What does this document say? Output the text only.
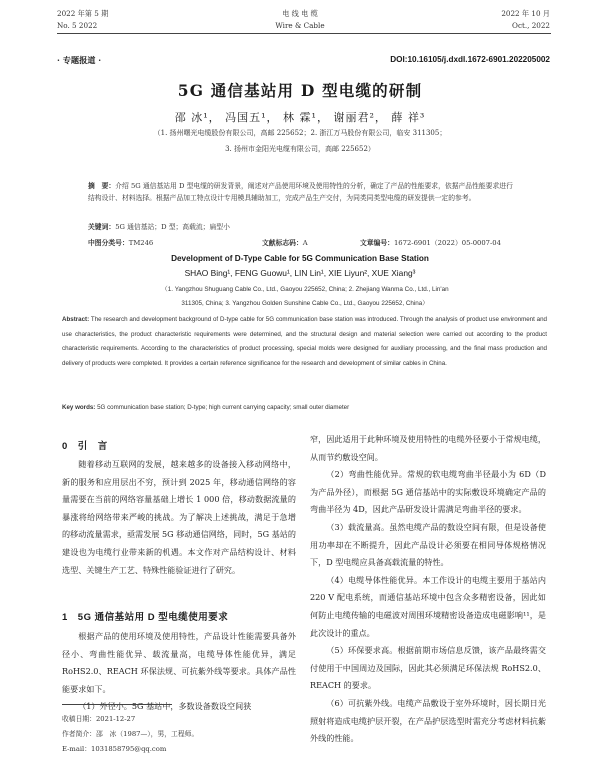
2022 年第 5 期
No. 5 2022
电 线 电 缆
Wire & Cable
2022 年 10 月
Oct., 2022
· 专题报道 ·	DOI:10.16105/j.dxdl.1672-6901.202205002
5G 通信基站用 D 型电缆的研制
邵 冰¹， 冯国五¹， 林 霖¹， 谢丽君²， 薛 祥³
（1. 扬州曙光电缆股份有限公司，高邮 225652；2. 浙江万马股份有限公司，临安 311305；
3. 扬州市金阳光电缆有限公司，高邮 225652）
摘　要：介绍 5G 通信基站用 D 型电缆的研发背景，阐述对产品使用环境及使用特性的分析，确定了产品的性能要求，依据产品性能要求进行结构设计、材料选择。根据产品加工特点设计专用模具辅助加工，完成产品生产交付，为同类同类型电缆的研发提供一定的参考。
关键词：5G 通信基站；D 型；高载流；扁型小
中图分类号：TM246	文献标志码：A	文章编号：1672-6901（2022）05-0007-04
Development of D-Type Cable for 5G Communication Base Station
SHAO Bing¹, FENG Guowu¹, LIN Lin¹, XIE Liyun², XUE Xiang³
（1. Yangzhou Shuguang Cable Co., Ltd., Gaoyou 225652, China; 2. Zhejiang Wanma Co., Ltd., Lin'an
311305, China; 3. Yangzhou Golden Sunshine Cable Co., Ltd., Gaoyou 225652, China）
Abstract: The research and development background of D-type cable for 5G communication base station was introduced. Through the analysis of product use environment and use characteristics, the product characteristic requirements were determined, and the structural design and material selection were carried out according to the product characteristic requirements. According to the characteristics of product processing, special molds were designed for auxiliary processing, and the final mass production and delivery of products were completed. It provides a certain reference significance for the research and development of similar cables in China.
Key words: 5G communication base station; D-type; high current carrying capacity; small outer diameter
0　引　言

随着移动互联网的发展，越来越多的设备接入移动网络中，新的服务和应用层出不穷，预计到 2025 年，移动通信网络的容量需要在当前的网络容量基础上增长 1 000 倍，移动数据流量的暴涨将给网络带来严峻的挑战。为了解决上述挑战，满足于急增的移动流量需求，亟需发展 5G 移动通信网络，同时，5G 基站的建设也为电缆行业带来新的机遇。本文作对产品结构设计、材料选型、关键生产工艺、特殊性能验证进行了研究。

1　5G 通信基站用 D 型电缆使用要求

根据产品的使用环境及使用特性，产品设计性能需要具备外径小、弯曲性能优异、载流量高，电缆导体性能优异，满足 RoHS2.0、REACH 环保法规、可抗紫外线等要求。具体产品性能要求如下。

（1）外径小。5G 基站中，多数设备数设空间狭

收稿日期：2021-12-27
作者简介：邵　冰（1987—），男，工程师。
E-mail：1031858795@qq.com

窄，因此适用于此种环境及使用特性的电缆外径要小于常规电缆，从而节约敷设空间。

（2）弯曲性能优异。常规的软电缆弯曲半径最小为 6D（D 为产品外径），而根据 5G 通信基站中的实际敷设环境确定产品的弯曲半径为 4D，因此产品研发设计需满足弯曲半径的要求。

（3）载流量高。虽然电缆产品的数设空间有限，但是设备使用功率却在不断提升，因此产品设计必须要在相同导体规格情况下，D 型电缆应具备高载流量的特性。

（4）电缆导体性能优异。本工作设计的电缆主要用于基站内 220 V 配电系统，而通信基站环境中包含众多精密设备，因此如何防止电缆传输的电磁波对周围环境精密设备造成电磁影响¹¹，是此次设计的重点。

（5）环保要求高。根据前期市场信息反馈，该产品最终需交付使用于中国周边及国际，因此其必须满足环保法规 RoHS2.0、REACH 的要求。

（6）可抗紫外线。电缆产品敷设于室外环境时，因长期日光照射将造成电缆护层开裂，在产品护层选型时需充分考虑材料抗紫外线的性能。
